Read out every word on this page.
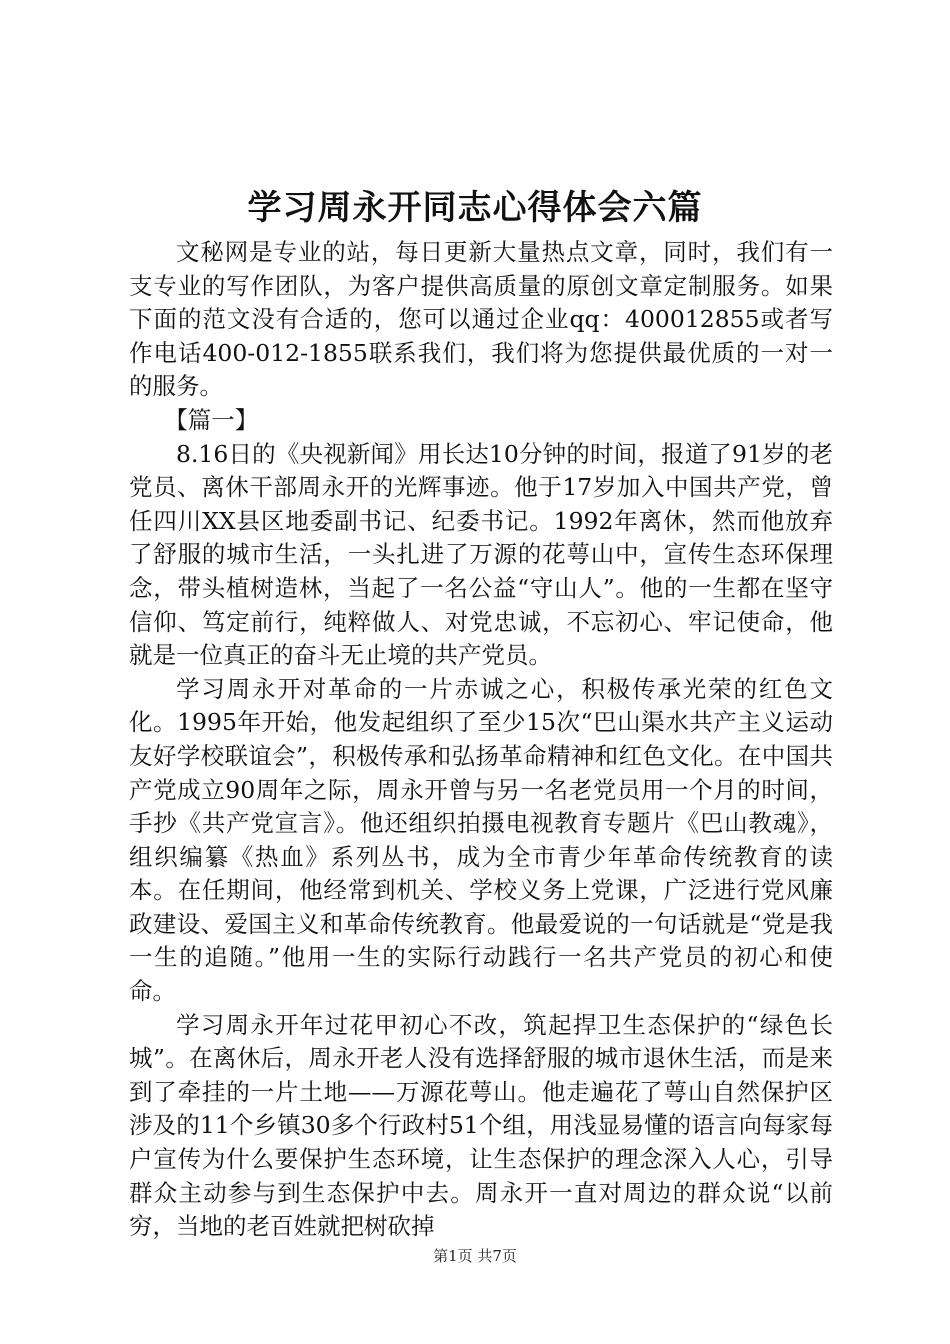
学习周永开同志心得体会六篇

文秘网是专业的站，每日更新大量热点文章，同时，我们有一支专业的写作团队，为客户提供高质量的原创文章定制服务。如果下面的范文没有合适的，您可以通过企业qq：400012855或者写作电话400-012-1855联系我们，我们将为您提供最优质的一对一的服务。

【篇一】

8.16日的《央视新闻》用长达10分钟的时间，报道了91岁的老党员、离休干部周永开的光辉事迹。他于17岁加入中国共产党，曾任四川XX县区地委副书记、纪委书记。1992年离休，然而他放弃了舒服的城市生活，一头扎进了万源的花萼山中，宣传生态环保理念，带头植树造林，当起了一名公益“守山人”。他的一生都在坚守信仰、笃定前行，纯粹做人、对党忠诚，不忘初心、牢记使命，他就是一位真正的奋斗无止境的共产党员。

学习周永开对革命的一片赤诚之心，积极传承光荣的红色文化。1995年开始，他发起组织了至少15次“巴山渠水共产主义运动友好学校联谊会”，积极传承和弘扬革命精神和红色文化。在中国共产党成立90周年之际，周永开曾与另一名老党员用一个月的时间，手抄《共产党宣言》。他还组织拍摄电视教育专题片《巴山教魂》，组织编纂《热血》系列丛书，成为全市青少年革命传统教育的读本。在任期间，他经常到机关、学校义务上党课，广泛进行党风廉政建设、爱国主义和革命传统教育。他最爱说的一句话就是“党是我一生的追随。”他用一生的实际行动践行一名共产党员的初心和使命。

学习周永开年过花甲初心不改，筑起捍卫生态保护的“绿色长城”。在离休后，周永开老人没有选择舒服的城市退休生活，而是来到了牵挂的一片土地——万源花萼山。他走遍花了萼山自然保护区涉及的11个乡镇30多个行政村51个组，用浅显易懂的语言向每家每户宣传为什么要保护生态环境，让生态保护的理念深入人心，引导群众主动参与到生态保护中去。周永开一直对周边的群众说“以前穷，当地的老百姓就把树砍掉

第1页 共7页
